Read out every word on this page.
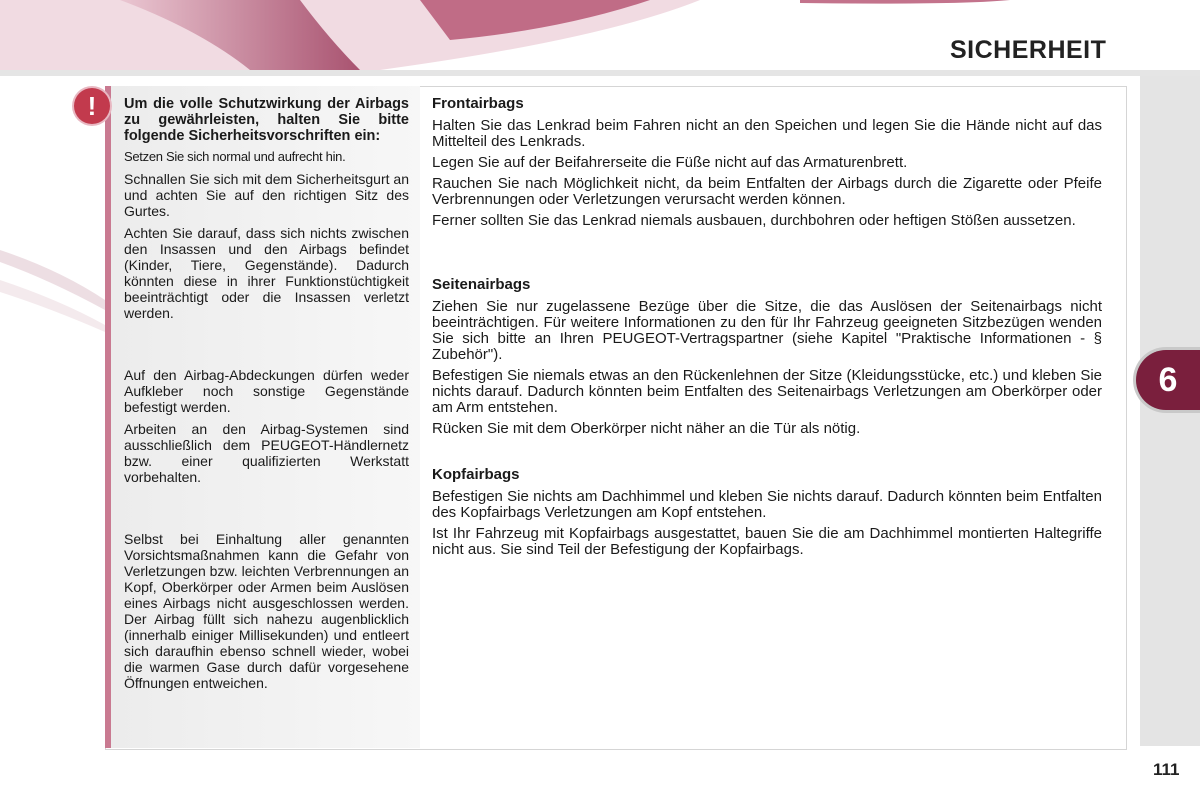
SICHERHEIT
6
!	Um die volle Schutzwirkung der Airbags zu gewährleisten, halten Sie bitte folgende Sicherheitsvorschriften ein:

Setzen Sie sich normal und aufrecht hin.

Schnallen Sie sich mit dem Sicherheitsgurt an und achten Sie auf den richtigen Sitz des Gurtes.

Achten Sie darauf, dass sich nichts zwischen den Insassen und den Airbags befindet (Kinder, Tiere, Gegenstände). Dadurch könnten diese in ihrer Funktionstüchtigkeit beeinträchtigt oder die Insassen verletzt werden.

Auf den Airbag-Abdeckungen dürfen weder Aufkleber noch sonstige Gegenstände befestigt werden.

Arbeiten an den Airbag-Systemen sind ausschließlich dem PEUGEOT-Händlernetz bzw. einer qualifizierten Werkstatt vorbehalten.

Selbst bei Einhaltung aller genannten Vorsichtsmaßnahmen kann die Gefahr von Verletzungen bzw. leichten Verbrennungen an Kopf, Oberkörper oder Armen beim Auslösen eines Airbags nicht ausgeschlossen werden. Der Airbag füllt sich nahezu augenblicklich (innerhalb einiger Millisekunden) und entleert sich daraufhin ebenso schnell wieder, wobei die warmen Gase durch dafür vorgesehene Öffnungen entweichen.

Frontairbags

Halten Sie das Lenkrad beim Fahren nicht an den Speichen und legen Sie die Hände nicht auf das Mittelteil des Lenkrads.

Legen Sie auf der Beifahrerseite die Füße nicht auf das Armaturenbrett.

Rauchen Sie nach Möglichkeit nicht, da beim Entfalten der Airbags durch die Zigarette oder Pfeife Verbrennungen oder Verletzungen verursacht werden können.

Ferner sollten Sie das Lenkrad niemals ausbauen, durchbohren oder heftigen Stößen aussetzen.

Seitenairbags

Ziehen Sie nur zugelassene Bezüge über die Sitze, die das Auslösen der Seitenairbags nicht beeinträchtigen. Für weitere Informationen zu den für Ihr Fahrzeug geeigneten Sitzbezügen wenden Sie sich bitte an Ihren PEUGEOT-Vertragspartner (siehe Kapitel "Praktische Informationen - § Zubehör").

Befestigen Sie niemals etwas an den Rückenlehnen der Sitze (Kleidungsstücke, etc.) und kleben Sie nichts darauf. Dadurch könnten beim Entfalten des Seitenairbags Verletzungen am Oberkörper oder am Arm entstehen.

Rücken Sie mit dem Oberkörper nicht näher an die Tür als nötig.

Kopfairbags

Befestigen Sie nichts am Dachhimmel und kleben Sie nichts darauf. Dadurch könnten beim Entfalten des Kopfairbags Verletzungen am Kopf entstehen.

Ist Ihr Fahrzeug mit Kopfairbags ausgestattet, bauen Sie die am Dachhimmel montierten Haltegriffe nicht aus. Sie sind Teil der Befestigung der Kopfairbags.

111
